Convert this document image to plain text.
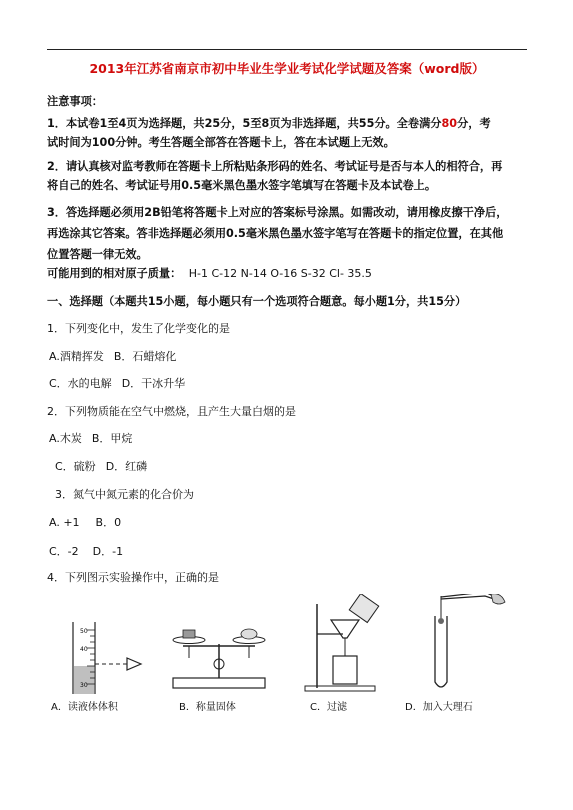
2013年江苏省南京市初中毕业生学业考试化学试题及答案（word版）
注意事项：
1．本试卷1至4页为选择题，共25分，5至8页为非选择题，共55分。全卷满分80分，考
试时间为100分钟。考生答题全部答在答题卡上，答在本试题上无效。
2．请认真核对监考教师在答题卡上所粘贴条形码的姓名、考试证号是否与本人的相符合，再
将自己的姓名、考试证号用0.5毫米黑色墨水签字笔填写在答题卡及本试卷上。
3．答选择题必须用2B铅笔将答题卡上对应的答案标号涂黑。如需改动，请用橡皮擦干净后，
再选涂其它答案。答非选择题必须用0.5毫米黑色墨水签字笔写在答题卡的指定位置，在其他
位置答题一律无效。
可能用到的相对原子质量： H-1 C-12 N-14 O-16 S-32 Cl- 35.5
一、选择题（本题共15小题，每小题只有一个选项符合题意。每小题1分，共15分）
1．下列变化中，发生了化学变化的是
A.酒精挥发 B．石蜡熔化
C．水的电解 D．干冰升华
2．下列物质能在空气中燃烧，且产生大量白烟的是
A.木炭 B．甲烷
C．硫粉 D．红磷
3．氮气中氮元素的化合价为
A. +1 B．0
C．-2 D．-1
4．下列图示实验操作中，正确的是
50
40
30
A．读液体体积	B．称量固体	C．过滤	D．加入大理石
